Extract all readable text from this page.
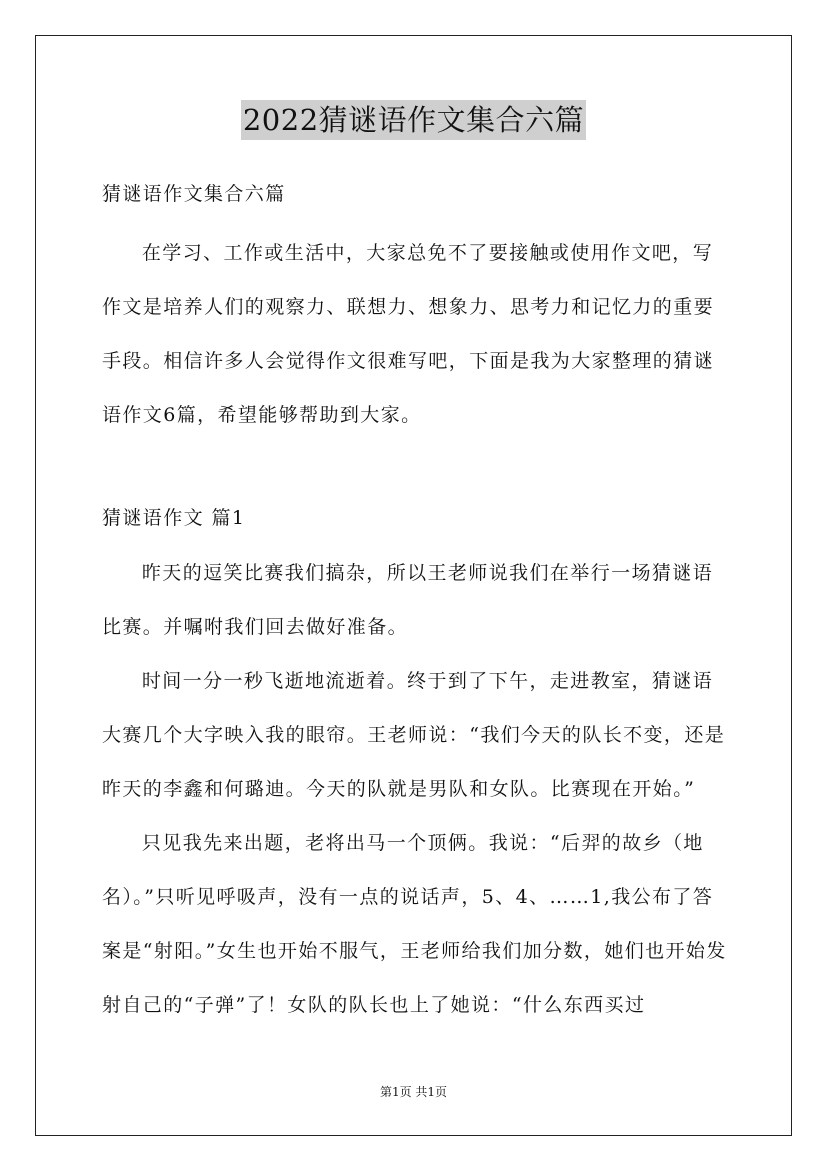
2022猜谜语作文集合六篇
猜谜语作文集合六篇
在学习、工作或生活中，大家总免不了要接触或使用作文吧，写作文是培养人们的观察力、联想力、想象力、思考力和记忆力的重要手段。相信许多人会觉得作文很难写吧，下面是我为大家整理的猜谜语作文6篇，希望能够帮助到大家。
猜谜语作文 篇1

昨天的逗笑比赛我们搞杂，所以王老师说我们在举行一场猜谜语比赛。并嘱咐我们回去做好准备。

时间一分一秒飞逝地流逝着。终于到了下午，走进教室，猜谜语大赛几个大字映入我的眼帘。王老师说：“我们今天的队长不变，还是昨天的李鑫和何璐迪。今天的队就是男队和女队。比赛现在开始。”

只见我先来出题，老将出马一个顶俩。我说：“后羿的故乡（地名）。”只听见呼吸声，没有一点的说话声，5、4、……1,我公布了答案是“射阳。”女生也开始不服气，王老师给我们加分数，她们也开始发射自己的“子弹”了！女队的队长也上了她说：“什么东西买过

第1页 共1页
